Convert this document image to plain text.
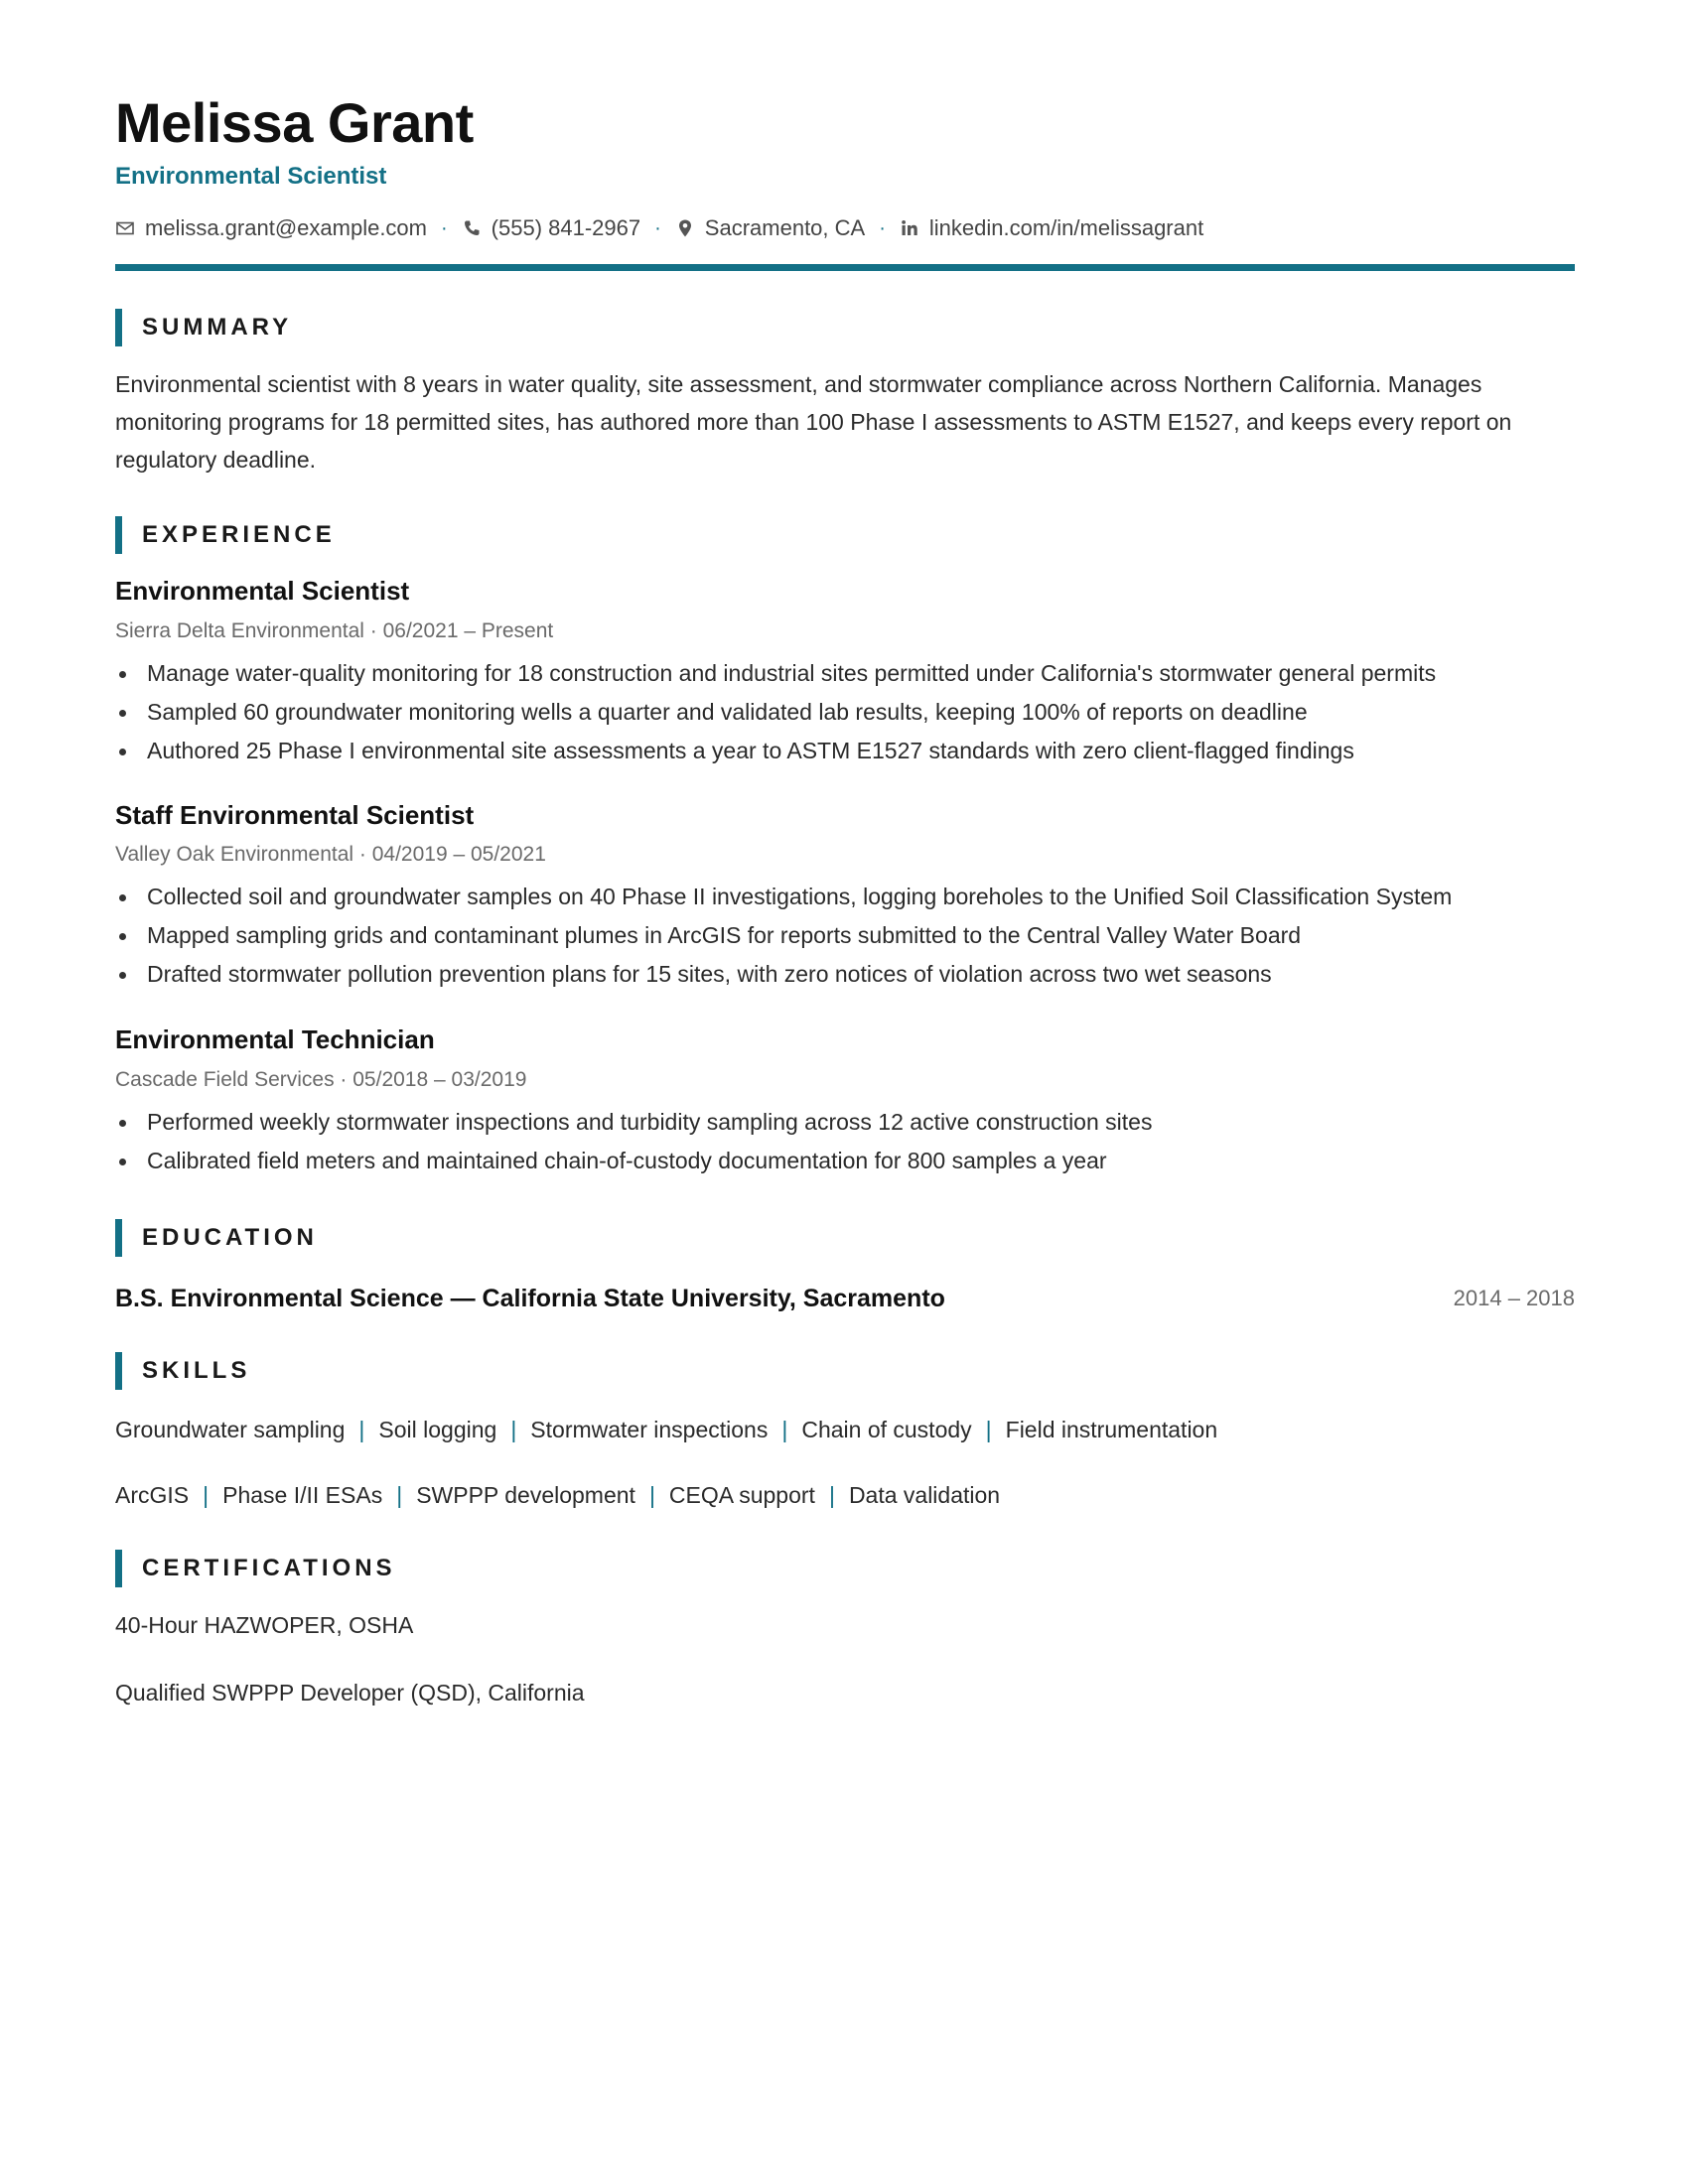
Melissa Grant
Environmental Scientist
melissa.grant@example.com · (555) 841-2967 · Sacramento, CA · linkedin.com/in/melissagrant
SUMMARY
Environmental scientist with 8 years in water quality, site assessment, and stormwater compliance across Northern California. Manages monitoring programs for 18 permitted sites, has authored more than 100 Phase I assessments to ASTM E1527, and keeps every report on regulatory deadline.
EXPERIENCE
Environmental Scientist
Sierra Delta Environmental · 06/2021 – Present
Manage water-quality monitoring for 18 construction and industrial sites permitted under California's stormwater general permits
Sampled 60 groundwater monitoring wells a quarter and validated lab results, keeping 100% of reports on deadline
Authored 25 Phase I environmental site assessments a year to ASTM E1527 standards with zero client-flagged findings
Staff Environmental Scientist
Valley Oak Environmental · 04/2019 – 05/2021
Collected soil and groundwater samples on 40 Phase II investigations, logging boreholes to the Unified Soil Classification System
Mapped sampling grids and contaminant plumes in ArcGIS for reports submitted to the Central Valley Water Board
Drafted stormwater pollution prevention plans for 15 sites, with zero notices of violation across two wet seasons
Environmental Technician
Cascade Field Services · 05/2018 – 03/2019
Performed weekly stormwater inspections and turbidity sampling across 12 active construction sites
Calibrated field meters and maintained chain-of-custody documentation for 800 samples a year
EDUCATION
B.S. Environmental Science — California State University, Sacramento	2014 – 2018
SKILLS
Groundwater sampling | Soil logging | Stormwater inspections | Chain of custody | Field instrumentation
ArcGIS | Phase I/II ESAs | SWPPP development | CEQA support | Data validation
CERTIFICATIONS
40-Hour HAZWOPER, OSHA
Qualified SWPPP Developer (QSD), California
